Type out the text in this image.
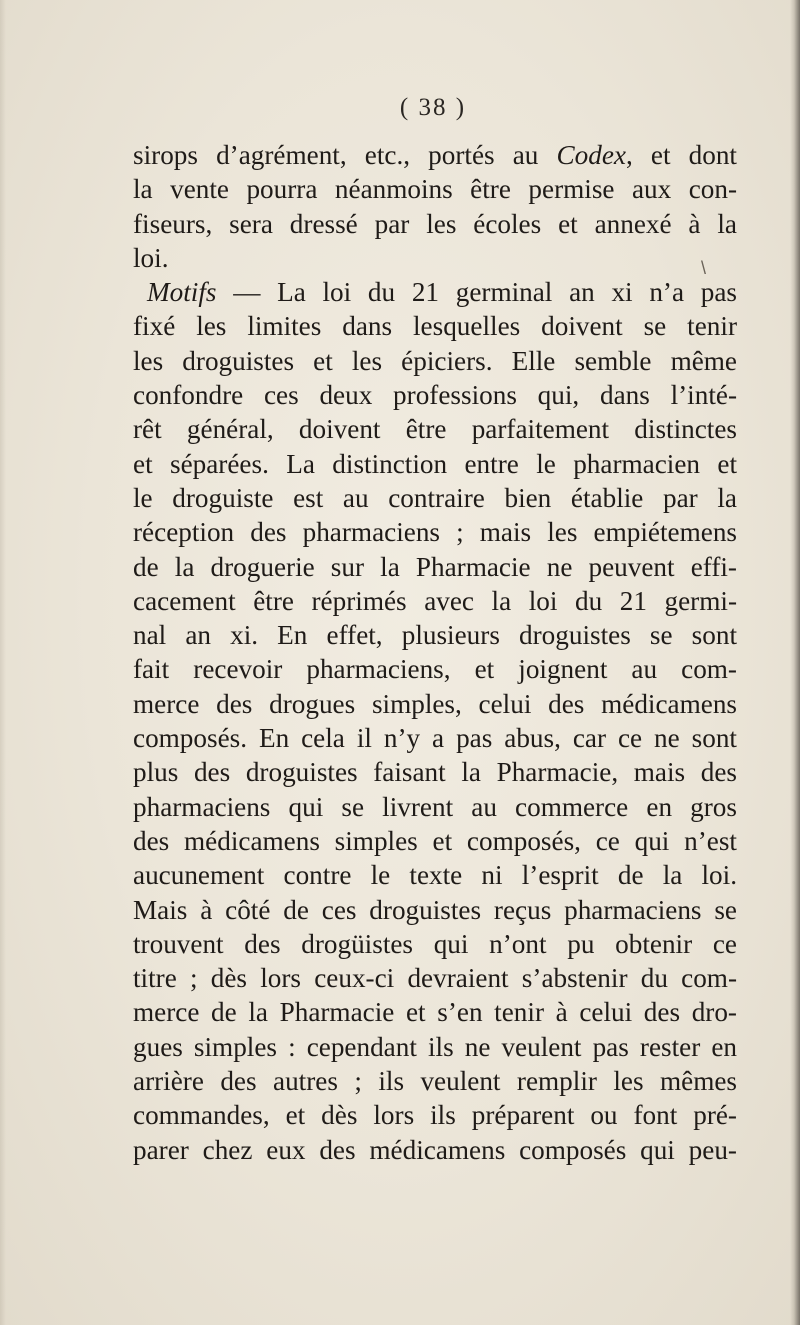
( 38 )
sirops d’agrément, etc., portés au Codex, et dont
la vente pourra néanmoins être permise aux con-
fiseurs, sera dressé par les écoles et annexé à la
loi.
Motifs — La loi du 21 germinal an xi n’a pas
fixé les limites dans lesquelles doivent se tenir
les droguistes et les épiciers. Elle semble même
confondre ces deux professions qui, dans l’inté-
rêt général, doivent être parfaitement distinctes
et séparées. La distinction entre le pharmacien et
le droguiste est au contraire bien établie par la
réception des pharmaciens ; mais les empiétemens
de la droguerie sur la Pharmacie ne peuvent effi-
cacement être réprimés avec la loi du 21 germi-
nal an xi. En effet, plusieurs droguistes se sont
fait recevoir pharmaciens, et joignent au com-
merce des drogues simples, celui des médicamens
composés. En cela il n’y a pas abus, car ce ne sont
plus des droguistes faisant la Pharmacie, mais des
pharmaciens qui se livrent au commerce en gros
des médicamens simples et composés, ce qui n’est
aucunement contre le texte ni l’esprit de la loi.
Mais à côté de ces droguistes reçus pharmaciens se
trouvent des drogüistes qui n’ont pu obtenir ce
titre ; dès lors ceux-ci devraient s’abstenir du com-
merce de la Pharmacie et s’en tenir à celui des dro-
gues simples : cependant ils ne veulent pas rester en
arrière des autres ; ils veulent remplir les mêmes
commandes, et dès lors ils préparent ou font pré-
parer chez eux des médicamens composés qui peu-
\
